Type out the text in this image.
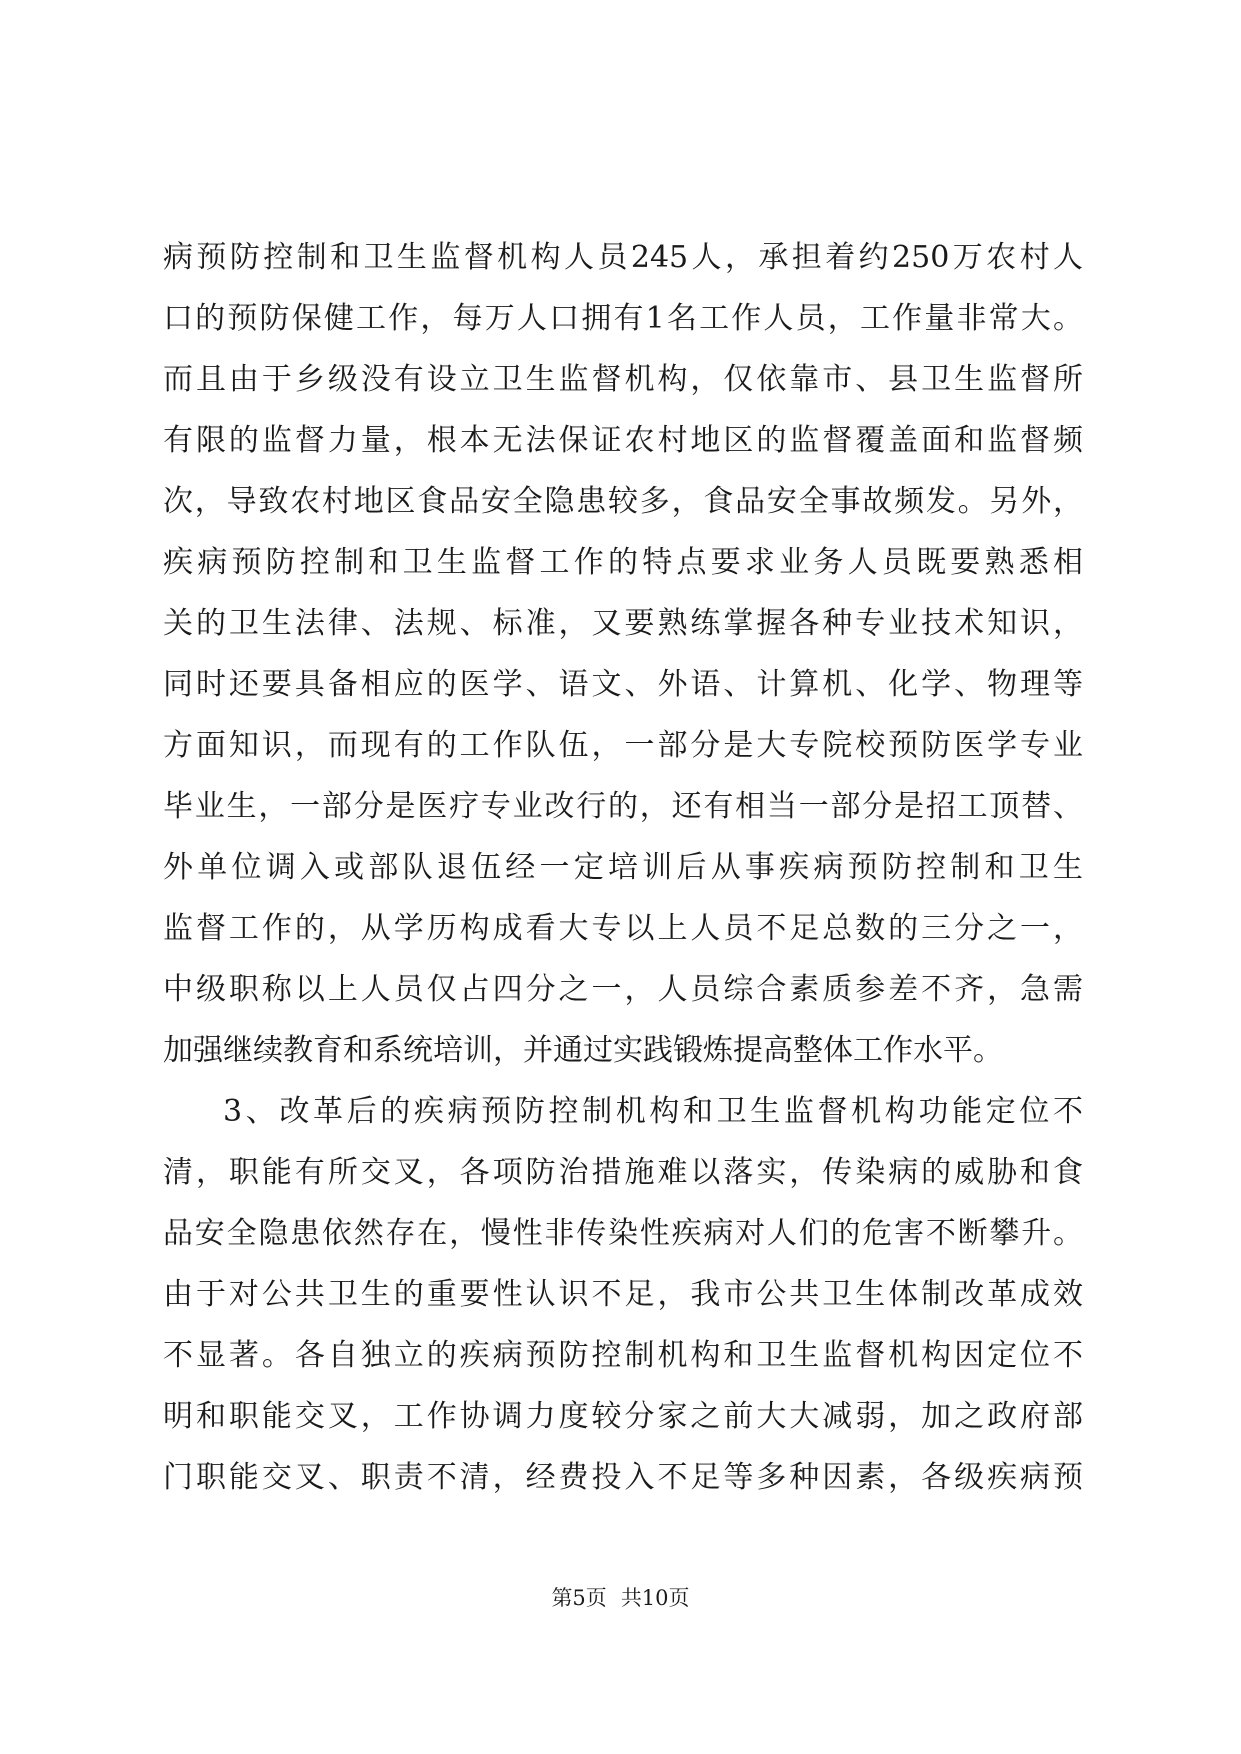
病预防控制和卫生监督机构人员245人，承担着约250万农村人
口的预防保健工作，每万人口拥有1名工作人员，工作量非常大。
而且由于乡级没有设立卫生监督机构，仅依靠市、县卫生监督所
有限的监督力量，根本无法保证农村地区的监督覆盖面和监督频
次，导致农村地区食品安全隐患较多，食品安全事故频发。另外，
疾病预防控制和卫生监督工作的特点要求业务人员既要熟悉相
关的卫生法律、法规、标准，又要熟练掌握各种专业技术知识，
同时还要具备相应的医学、语文、外语、计算机、化学、物理等
方面知识，而现有的工作队伍，一部分是大专院校预防医学专业
毕业生，一部分是医疗专业改行的，还有相当一部分是招工顶替、
外单位调入或部队退伍经一定培训后从事疾病预防控制和卫生
监督工作的，从学历构成看大专以上人员不足总数的三分之一，
中级职称以上人员仅占四分之一，人员综合素质参差不齐，急需
加强继续教育和系统培训，并通过实践锻炼提高整体工作水平。
3、改革后的疾病预防控制机构和卫生监督机构功能定位不
清，职能有所交叉，各项防治措施难以落实，传染病的威胁和食
品安全隐患依然存在，慢性非传染性疾病对人们的危害不断攀升。
由于对公共卫生的重要性认识不足，我市公共卫生体制改革成效
不显著。各自独立的疾病预防控制机构和卫生监督机构因定位不
明和职能交叉，工作协调力度较分家之前大大减弱，加之政府部
门职能交叉、职责不清，经费投入不足等多种因素，各级疾病预
第5页 共10页
